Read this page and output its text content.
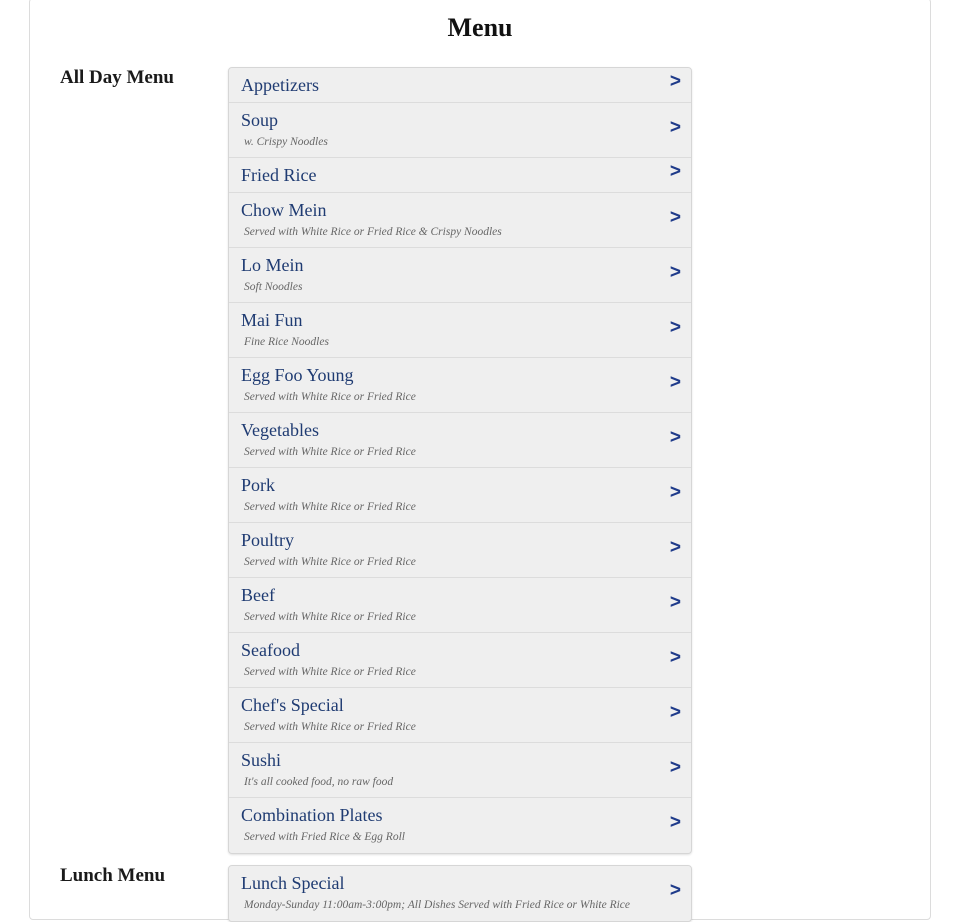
Menu
All Day Menu	Appetizers	>
Soup
w. Crispy Noodles
>
Fried Rice	>
Chow Mein
Served with White Rice or Fried Rice & Crispy Noodles
>
Lo Mein
Soft Noodles
>
Mai Fun
Fine Rice Noodles
>
Egg Foo Young
Served with White Rice or Fried Rice
>
Vegetables
Served with White Rice or Fried Rice
>
Pork
Served with White Rice or Fried Rice
>
Poultry
Served with White Rice or Fried Rice
>
Beef
Served with White Rice or Fried Rice
>
Seafood
Served with White Rice or Fried Rice
>
Chef's Special
Served with White Rice or Fried Rice
>
Sushi
It's all cooked food, no raw food
>
Combination Plates
Served with Fried Rice & Egg Roll
>
Lunch Menu	Lunch Special
Monday-Sunday 11:00am-3:00pm; All Dishes Served with Fried Rice or White Rice
>
